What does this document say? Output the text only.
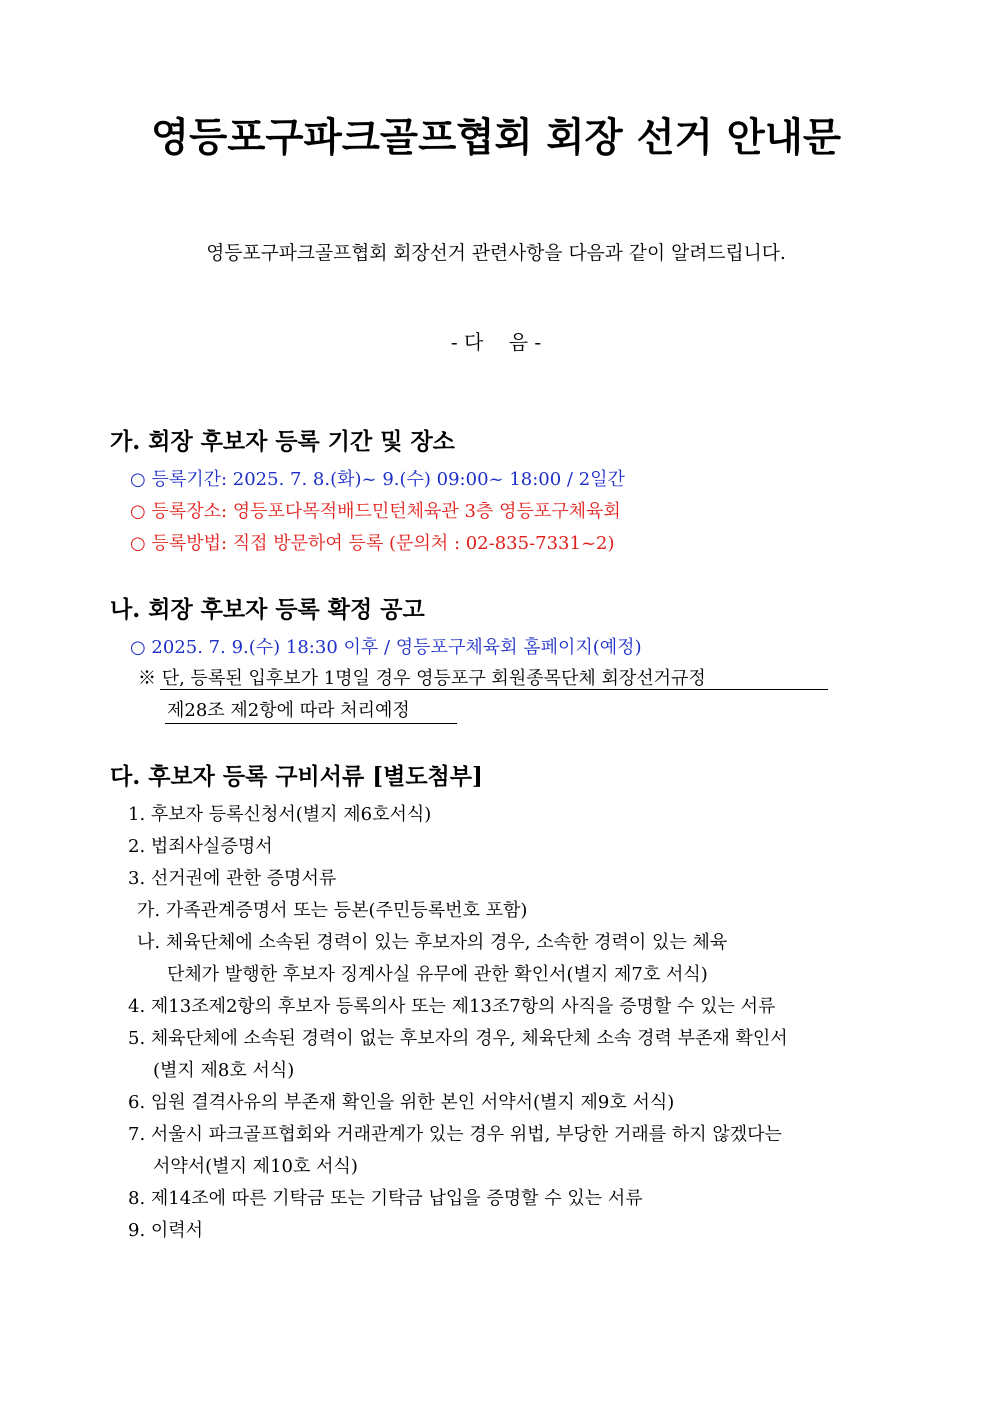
영등포구파크골프협회 회장 선거 안내문
영등포구파크골프협회 회장선거 관련사항을 다음과 같이 알려드립니다.
- 다    음 -
가. 회장 후보자 등록 기간 및 장소
○ 등록기간: 2025. 7. 8.(화)~ 9.(수) 09:00~ 18:00 / 2일간
○ 등록장소: 영등포다목적배드민턴체육관 3층 영등포구체육회
○ 등록방법: 직접 방문하여 등록 (문의처 : 02-835-7331~2)
나. 회장 후보자 등록 확정 공고
○ 2025. 7. 9.(수) 18:30 이후 / 영등포구체육회 홈페이지(예정)
※ 단, 등록된 입후보가 1명일 경우 영등포구 회원종목단체 회장선거규정
제28조 제2항에 따라 처리예정
다. 후보자 등록 구비서류 [별도첨부]
1. 후보자 등록신청서(별지 제6호서식)
2. 법죄사실증명서
3. 선거권에 관한 증명서류
가. 가족관계증명서 또는 등본(주민등록번호 포함)
나. 체육단체에 소속된 경력이 있는 후보자의 경우, 소속한 경력이 있는 체육
단체가 발행한 후보자 징계사실 유무에 관한 확인서(별지 제7호 서식)
4. 제13조제2항의 후보자 등록의사 또는 제13조7항의 사직을 증명할 수 있는 서류
5. 체육단체에 소속된 경력이 없는 후보자의 경우, 체육단체 소속 경력 부존재 확인서
(별지 제8호 서식)
6. 임원 결격사유의 부존재 확인을 위한 본인 서약서(별지 제9호 서식)
7. 서울시 파크골프협회와 거래관계가 있는 경우 위법, 부당한 거래를 하지 않겠다는
서약서(별지 제10호 서식)
8. 제14조에 따른 기탁금 또는 기탁금 납입을 증명할 수 있는 서류
9. 이력서
